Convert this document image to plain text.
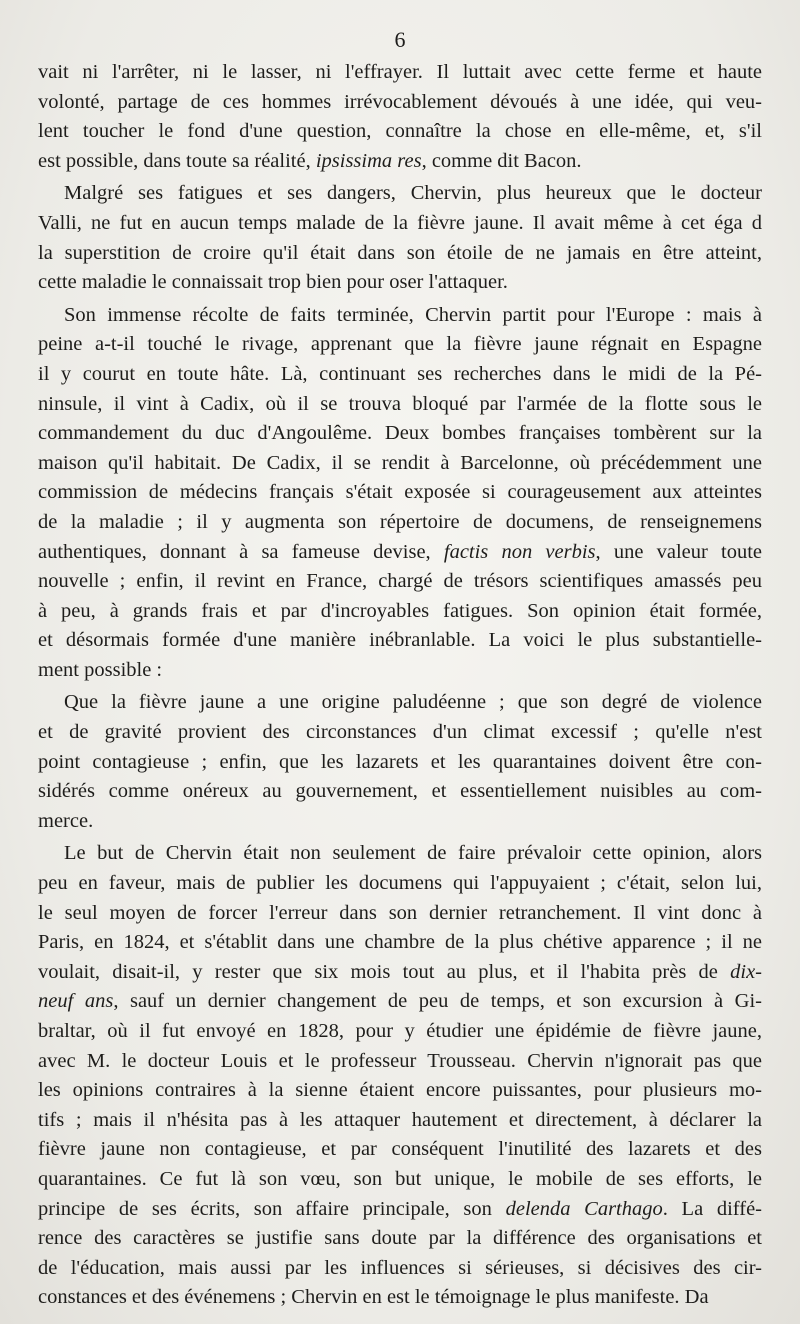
6
vait ni l'arrêter, ni le lasser, ni l'effrayer. Il luttait avec cette ferme et haute
volonté, partage de ces hommes irrévocablement dévoués à une idée, qui veu-
lent toucher le fond d'une question, connaître la chose en elle-même, et, s'il
est possible, dans toute sa réalité, ipsissima res, comme dit Bacon.
Malgré ses fatigues et ses dangers, Chervin, plus heureux que le docteur
Valli, ne fut en aucun temps malade de la fièvre jaune. Il avait même à cet éga d
la superstition de croire qu'il était dans son étoile de ne jamais en être atteint,
cette maladie le connaissait trop bien pour oser l'attaquer.
Son immense récolte de faits terminée, Chervin partit pour l'Europe : mais à
peine a-t-il touché le rivage, apprenant que la fièvre jaune régnait en Espagne
il y courut en toute hâte. Là, continuant ses recherches dans le midi de la Pé-
ninsule, il vint à Cadix, où il se trouva bloqué par l'armée de la flotte sous le
commandement du duc d'Angoulême. Deux bombes françaises tombèrent sur la
maison qu'il habitait. De Cadix, il se rendit à Barcelonne, où précédemment une
commission de médecins français s'était exposée si courageusement aux atteintes
de la maladie ; il y augmenta son répertoire de documens, de renseignemens
authentiques, donnant à sa fameuse devise, factis non verbis, une valeur toute
nouvelle ; enfin, il revint en France, chargé de trésors scientifiques amassés peu
à peu, à grands frais et par d'incroyables fatigues. Son opinion était formée,
et désormais formée d'une manière inébranlable. La voici le plus substantielle-
ment possible :
Que la fièvre jaune a une origine paludéenne ; que son degré de violence
et de gravité provient des circonstances d'un climat excessif ; qu'elle n'est
point contagieuse ; enfin, que les lazarets et les quarantaines doivent être con-
sidérés comme onéreux au gouvernement, et essentiellement nuisibles au com-
merce.
Le but de Chervin était non seulement de faire prévaloir cette opinion, alors
peu en faveur, mais de publier les documens qui l'appuyaient ; c'était, selon lui,
le seul moyen de forcer l'erreur dans son dernier retranchement. Il vint donc à
Paris, en 1824, et s'établit dans une chambre de la plus chétive apparence ; il ne
voulait, disait-il, y rester que six mois tout au plus, et il l'habita près de dix-
neuf ans, sauf un dernier changement de peu de temps, et son excursion à Gi-
braltar, où il fut envoyé en 1828, pour y étudier une épidémie de fièvre jaune,
avec M. le docteur Louis et le professeur Trousseau. Chervin n'ignorait pas que
les opinions contraires à la sienne étaient encore puissantes, pour plusieurs mo-
tifs ; mais il n'hésita pas à les attaquer hautement et directement, à déclarer la
fièvre jaune non contagieuse, et par conséquent l'inutilité des lazarets et des
quarantaines. Ce fut là son vœu, son but unique, le mobile de ses efforts, le
principe de ses écrits, son affaire principale, son delenda Carthago. La diffé-
rence des caractères se justifie sans doute par la différence des organisations et
de l'éducation, mais aussi par les influences si sérieuses, si décisives des cir-
constances et des événemens ; Chervin en est le témoignage le plus manifeste. Da
